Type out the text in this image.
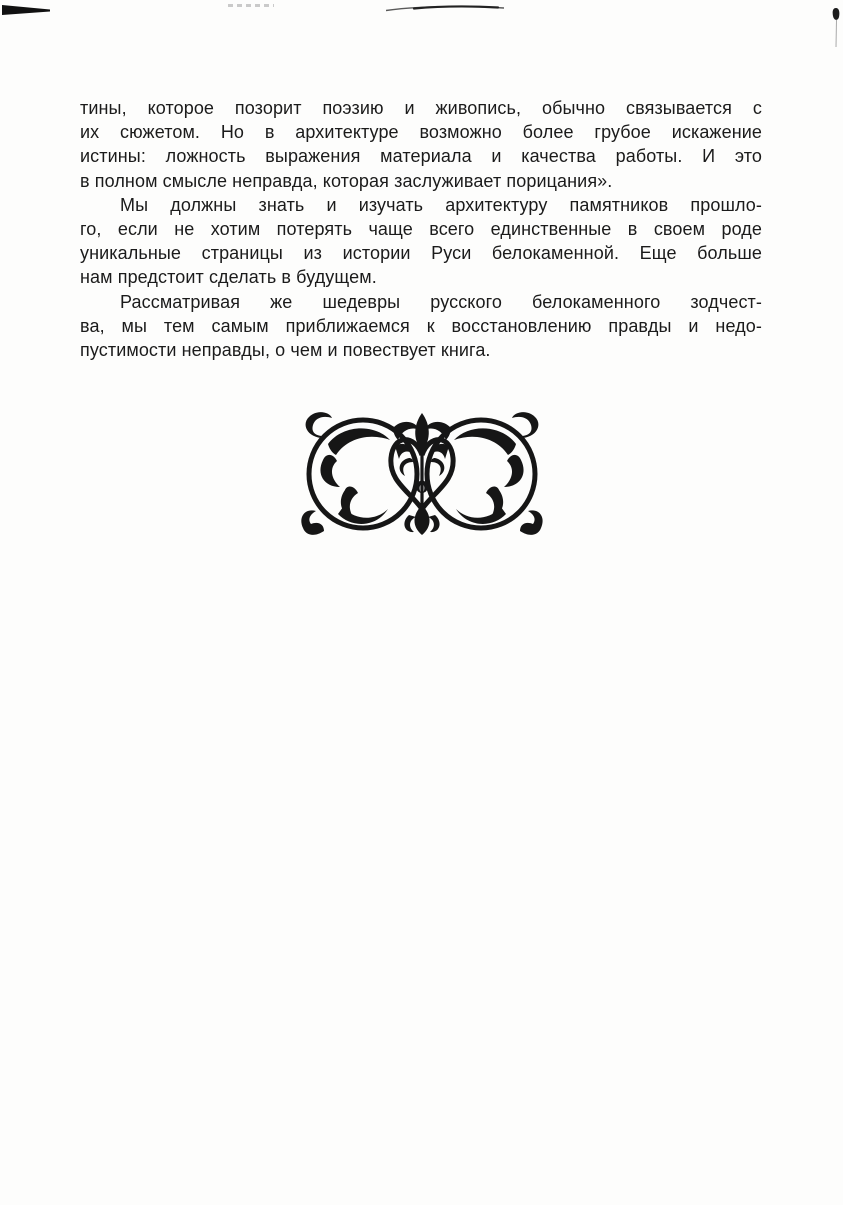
тины, которое позорит поэзию и живопись, обычно связывается с
их сюжетом. Но в архитектуре возможно более грубое искажение
истины: ложность выражения материала и качества работы. И это
в полном смысле неправда, которая заслуживает порицания».
Мы должны знать и изучать архитектуру памятников прошло-
го, если не хотим потерять чаще всего единственные в своем роде
уникальные страницы из истории Руси белокаменной. Еще больше
нам предстоит сделать в будущем.
Рассматривая же шедевры русского белокаменного зодчест-
ва, мы тем самым приближаемся к восстановлению правды и недо-
пустимости неправды, о чем и повествует книга.
